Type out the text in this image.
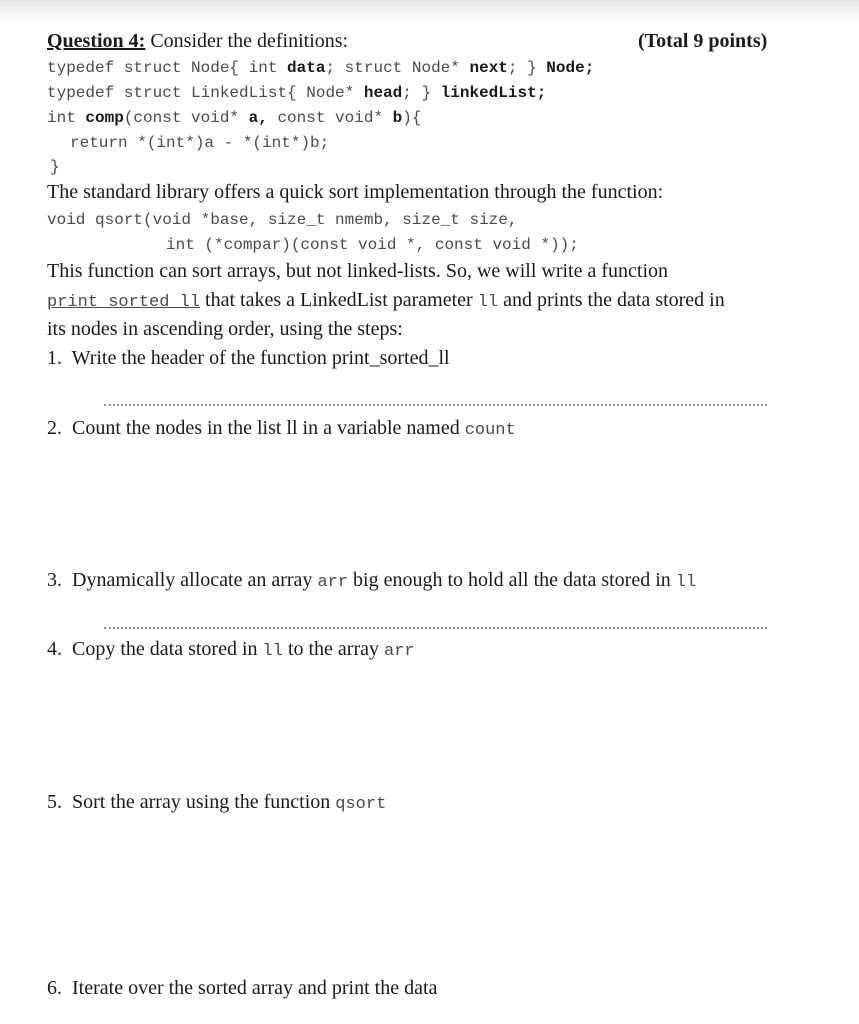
Question 4: Consider the definitions:	(Total 9 points)
typedef struct Node{ int data; struct Node* next; } Node;
typedef struct LinkedList{ Node* head; } linkedList;
int comp(const void* a, const void* b){
return *(int*)a - *(int*)b;
}
The standard library offers a quick sort implementation through the function:
void qsort(void *base, size_t nmemb, size_t size,
int (*compar)(const void *, const void *));
This function can sort arrays, but not linked-lists. So, we will write a function
print_sorted_ll that takes a LinkedList parameter ll and prints the data stored in
its nodes in ascending order, using the steps:
1.  Write the header of the function print_sorted_ll
2.  Count the nodes in the list ll in a variable named count
3.  Dynamically allocate an array arr big enough to hold all the data stored in ll
4.  Copy the data stored in ll to the array arr
5.  Sort the array using the function qsort
6.  Iterate over the sorted array and print the data
